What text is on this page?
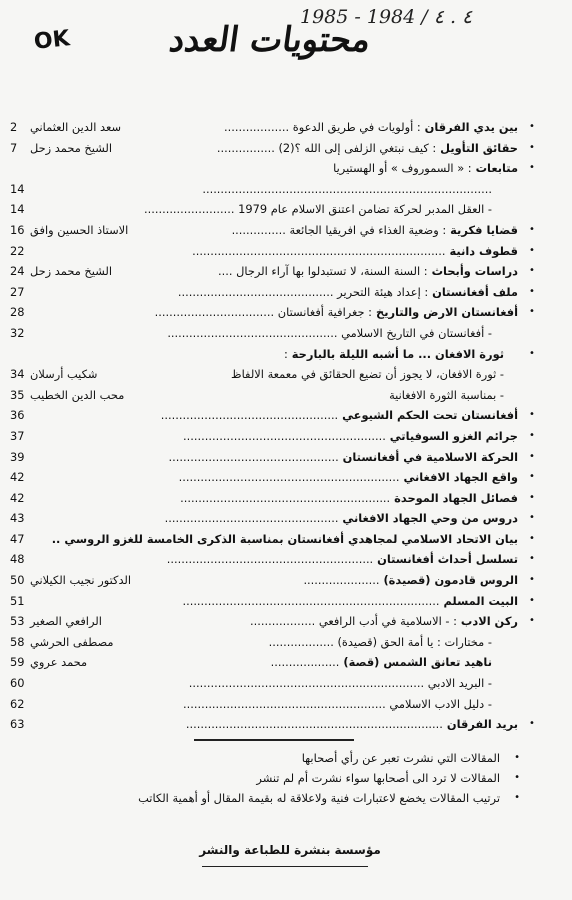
1985 - 1984 / ٤ . ٤
OK	محتويات العدد
•
بين يدي الفرقان : أولويات في طريق الدعوة ..................
سعد الدين العثماني
2
•
حقائق التأويل : كيف نبتغي الزلفى إلى الله ؟(2) ................
الشيخ محمد زحل
7
•
متابعات : « السموروف » أو الهستيريا
................................................................................
14
- العقل المدبر لحركة تضامن اعتنق الاسلام عام 1979 .........................
14
•
قضايا فكرية : وضعية الغذاء في افريقيا الجائعة ...............
الاستاذ الحسين وافق
16
•
قطوف دانية ......................................................................
22
•
دراسات وأبحاث : السنة السنة، لا تستبدلوا بها آراء الرجال ....
الشيخ محمد زحل
24
•
ملف أفغانستان : إعداد هيئة التحرير ...........................................
27
•
أفغانستان الارض والتاريخ : جغرافية أفغانستان .................................
28
- أفغانستان في التاريخ الاسلامي ...............................................
32
•
ثورة الافغان ... ما أشبه الليلة بالبارحة :
- ثورة الافغان، لا يجوز أن تضيع الحقائق في معمعة الالفاظ
شكيب أرسلان
34
- بمناسبة الثورة الافغانية
محب الدين الخطيب
35
•
أفغانستان تحت الحكم الشيوعي .................................................
36
•
جرائم الغزو السوفياتي ........................................................
37
•
الحركة الاسلامية في أفغانستان ...............................................
39
•
واقع الجهاد الافغاني .............................................................
42
•
فصائل الجهاد الموحدة ..........................................................
42
•
دروس من وحي الجهاد الافغاني ................................................
43
•
بيان الاتحاد الاسلامي لمجاهدي أفغانستان بمناسبة الذكرى الخامسة للغزو الروسي ..
47
•
تسلسل أحداث أفغانستان .........................................................
48
•
الروس قادمون (قصيدة) .....................
الدكتور نجيب الكيلاني
50
•
البيت المسلم .......................................................................
51
•
ركن الادب : - الاسلامية في أدب الرافعي ..................
الرافعي الصغير
53
- مختارات : يا أمة الحق (قصيدة) ..................
مصطفى الحرشي
58
ناهيد تعانق الشمس (قصة) ...................
محمد عروي
59
- البريد الادبي .................................................................
60
- دليل الادب الاسلامي ........................................................
62
•
بريد الفرقان .......................................................................
63
•
المقالات التي نشرت تعبر عن رأي أصحابها
•
المقالات لا ترد الى أصحابها سواء نشرت أم لم تنشر
•
ترتيب المقالات يخضع لاعتبارات فنية ولاعلاقة له بقيمة المقال أو أهمية الكاتب
مؤسسة بنشرة للطباعة والنشر
